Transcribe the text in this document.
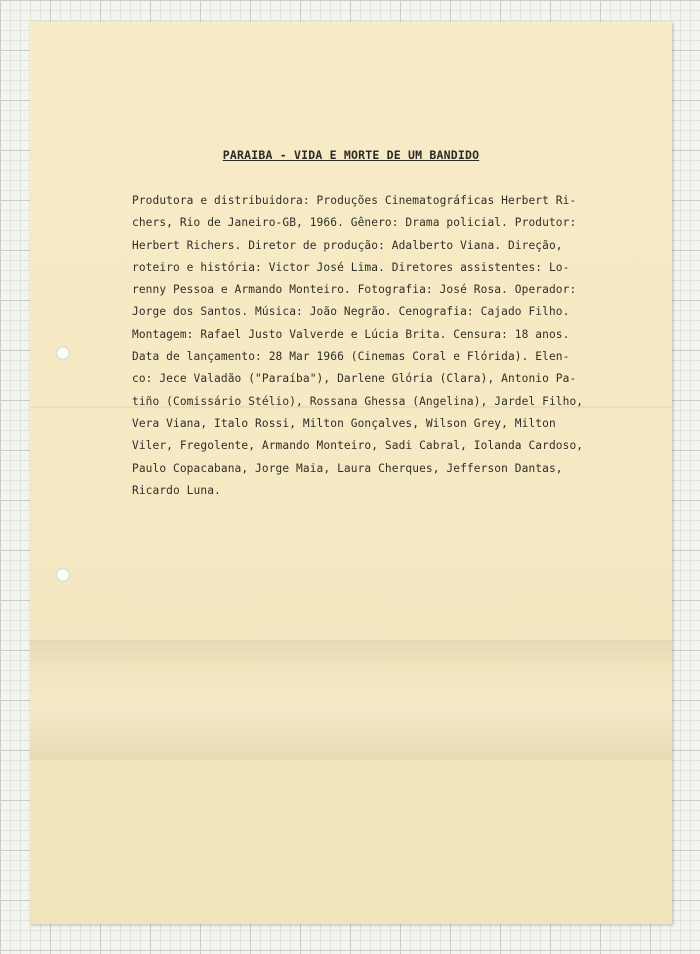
PARAIBA - VIDA E MORTE DE UM BANDIDO
Produtora e distribuidora: Produções Cinematográficas Herbert Ri-
chers, Rio de Janeiro-GB, 1966. Gênero: Drama policial. Produtor:
Herbert Richers. Diretor de produção: Adalberto Viana. Direção,
roteiro e história: Victor José Lima. Diretores assistentes: Lo-
renny Pessoa e Armando Monteiro. Fotografia: José Rosa. Operador:
Jorge dos Santos. Música: João Negrão. Cenografia: Cajado Filho.
Montagem: Rafael Justo Valverde e Lúcia Brita. Censura: 18 anos.
Data de lançamento: 28 Mar 1966 (Cinemas Coral e Flórida). Elen-
co: Jece Valadão ("Paraíba"), Darlene Glória (Clara), Antonio Pa-
tiño (Comissário Stélio), Rossana Ghessa (Angelina), Jardel Filho,
Vera Viana, Italo Rossi, Milton Gonçalves, Wilson Grey, Milton
Viler, Fregolente, Armando Monteiro, Sadi Cabral, Iolanda Cardoso,
Paulo Copacabana, Jorge Maia, Laura Cherques, Jefferson Dantas,
Ricardo Luna.
